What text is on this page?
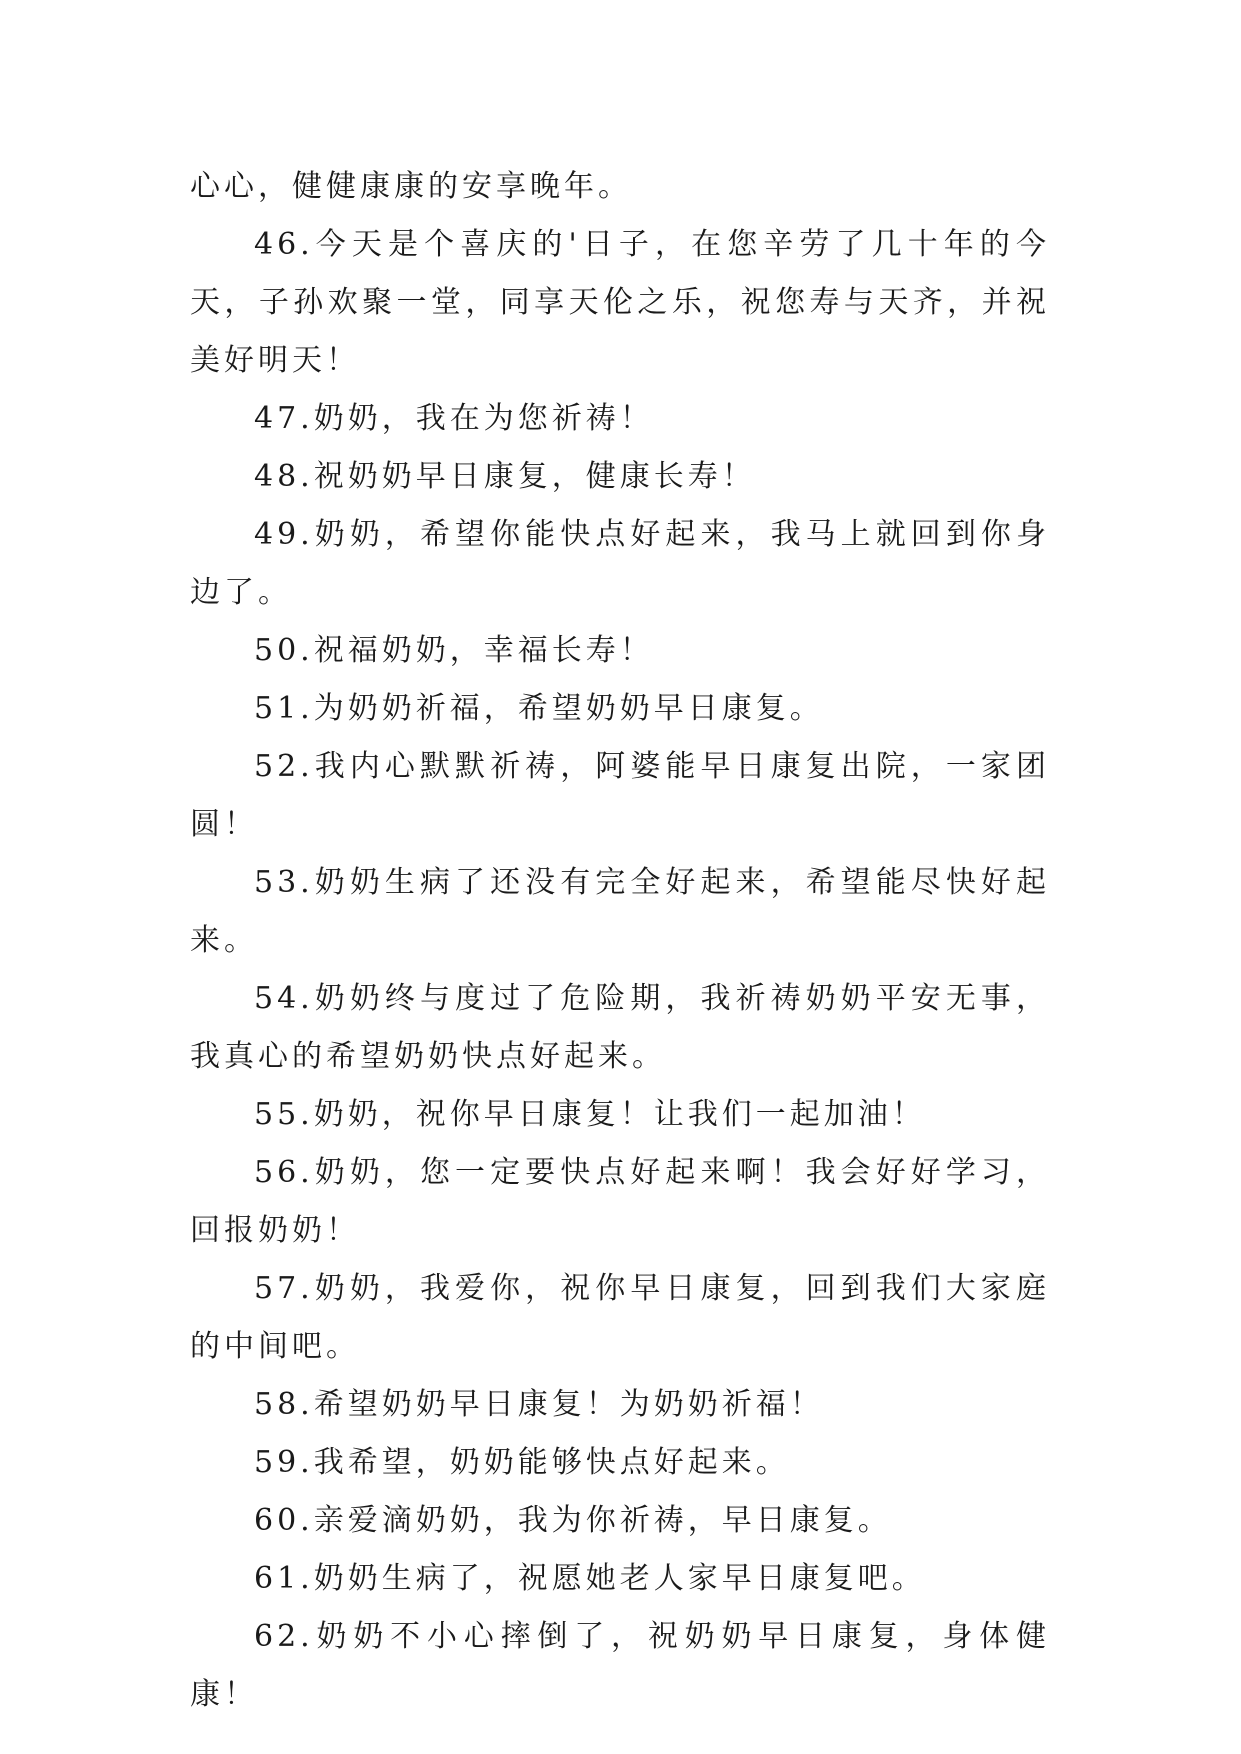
心心，健健康康的安享晚年。

46.今天是个喜庆的'日子，在您辛劳了几十年的今天，子孙欢聚一堂，同享天伦之乐，祝您寿与天齐，并祝美好明天！

47.奶奶，我在为您祈祷！

48.祝奶奶早日康复，健康长寿！

49.奶奶，希望你能快点好起来，我马上就回到你身边了。

50.祝福奶奶，幸福长寿！

51.为奶奶祈福，希望奶奶早日康复。

52.我内心默默祈祷，阿婆能早日康复出院，一家团圆！

53.奶奶生病了还没有完全好起来，希望能尽快好起来。

54.奶奶终与度过了危险期，我祈祷奶奶平安无事，我真心的希望奶奶快点好起来。

55.奶奶，祝你早日康复！让我们一起加油！

56.奶奶，您一定要快点好起来啊！我会好好学习，回报奶奶！

57.奶奶，我爱你，祝你早日康复，回到我们大家庭的中间吧。

58.希望奶奶早日康复！为奶奶祈福！

59.我希望，奶奶能够快点好起来。

60.亲爱滴奶奶，我为你祈祷，早日康复。

61.奶奶生病了，祝愿她老人家早日康复吧。

62.奶奶不小心摔倒了，祝奶奶早日康复，身体健康！
